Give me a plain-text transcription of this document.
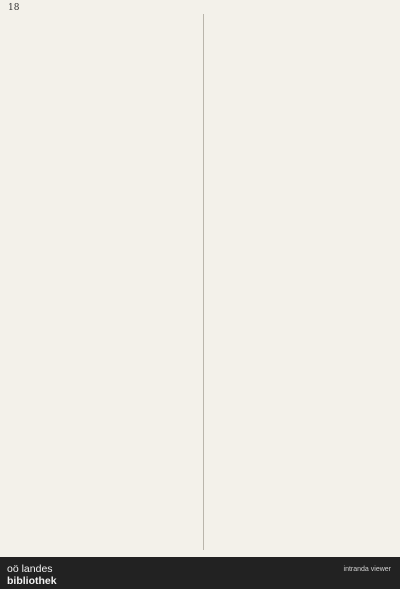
18
oö landes
bibliothek
intranda viewer
